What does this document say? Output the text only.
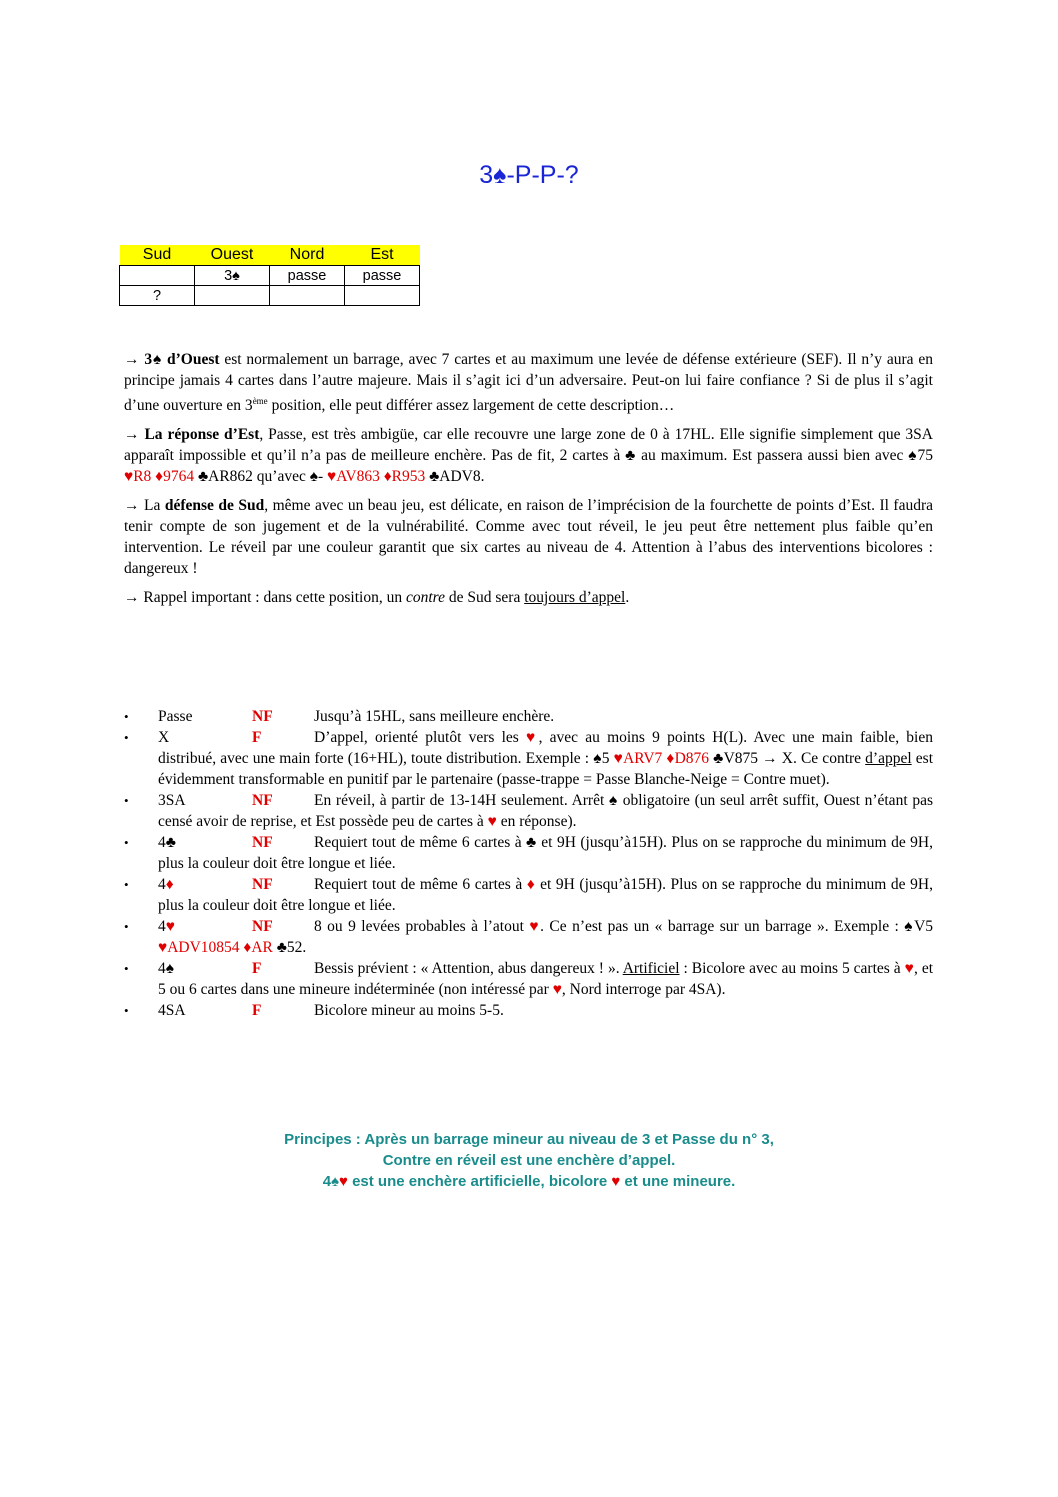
3♠-P-P-?
Sud	Ouest	Nord	Est
	3♠	passe	passe
?			

→ 3♠ d’Ouest est normalement un barrage, avec 7 cartes et au maximum une levée de défense extérieure (SEF). Il n’y aura en principe jamais 4 cartes dans l’autre majeure. Mais il s’agit ici d’un adversaire. Peut-on lui faire confiance ? Si de plus il s’agit d’une ouverture en 3ème position, elle peut différer assez largement de cette description…

→ La réponse d’Est, Passe, est très ambigüe, car elle recouvre une large zone de 0 à 17HL. Elle signifie simplement que 3SA apparaît impossible et qu’il n’a pas de meilleure enchère. Pas de fit, 2 cartes à ♣ au maximum. Est passera aussi bien avec ♠75 ♥R8 ♦9764 ♣AR862 qu’avec ♠- ♥AV863 ♦R953 ♣ADV8.

→ La défense de Sud, même avec un beau jeu, est délicate, en raison de l’imprécision de la fourchette de points d’Est. Il faudra tenir compte de son jugement et de la vulnérabilité. Comme avec tout réveil, le jeu peut être nettement plus faible qu’en intervention. Le réveil par une couleur garantit que six cartes au niveau de 4. Attention à l’abus des interventions bicolores : dangereux !

→ Rappel important : dans cette position, un contre de Sud sera toujours d’appel.

• Passe	NF	Jusqu’à 15HL, sans meilleure enchère.
• X	F	D’appel, orienté plutôt vers les ♥, avec au moins 9 points H(L). Avec une main faible, bien distribué, avec une main forte (16+HL), toute distribution. Exemple : ♠5 ♥ARV7 ♦D876 ♣V875 → X. Ce contre d’appel est évidemment transformable en punitif par le partenaire (passe-trappe = Passe Blanche-Neige = Contre muet).
• 3SA	NF	En réveil, à partir de 13-14H seulement. Arrêt ♠ obligatoire (un seul arrêt suffit, Ouest n’étant pas censé avoir de reprise, et Est possède peu de cartes à ♥ en réponse).
• 4♣	NF	Requiert tout de même 6 cartes à ♣ et 9H (jusqu’à15H). Plus on se rapproche du minimum de 9H, plus la couleur doit être longue et liée.
• 4♦	NF	Requiert tout de même 6 cartes à ♦ et 9H (jusqu’à15H). Plus on se rapproche du minimum de 9H, plus la couleur doit être longue et liée.
• 4♥	NF	8 ou 9 levées probables à l’atout ♥. Ce n’est pas un « barrage sur un barrage ». Exemple : ♠V5 ♥ADV10854 ♦AR ♣52.
• 4♠	F	Bessis prévient : « Attention, abus dangereux ! ». Artificiel : Bicolore avec au moins 5 cartes à ♥, et 5 ou 6 cartes dans une mineure indéterminée (non intéressé par ♥, Nord interroge par 4SA).
• 4SA	F	Bicolore mineur au moins 5-5.
Principes : Après un barrage mineur au niveau de 3 et Passe du n° 3,
Contre en réveil est une enchère d’appel.
4♠♥ est une enchère artificielle, bicolore ♥ et une mineure.
